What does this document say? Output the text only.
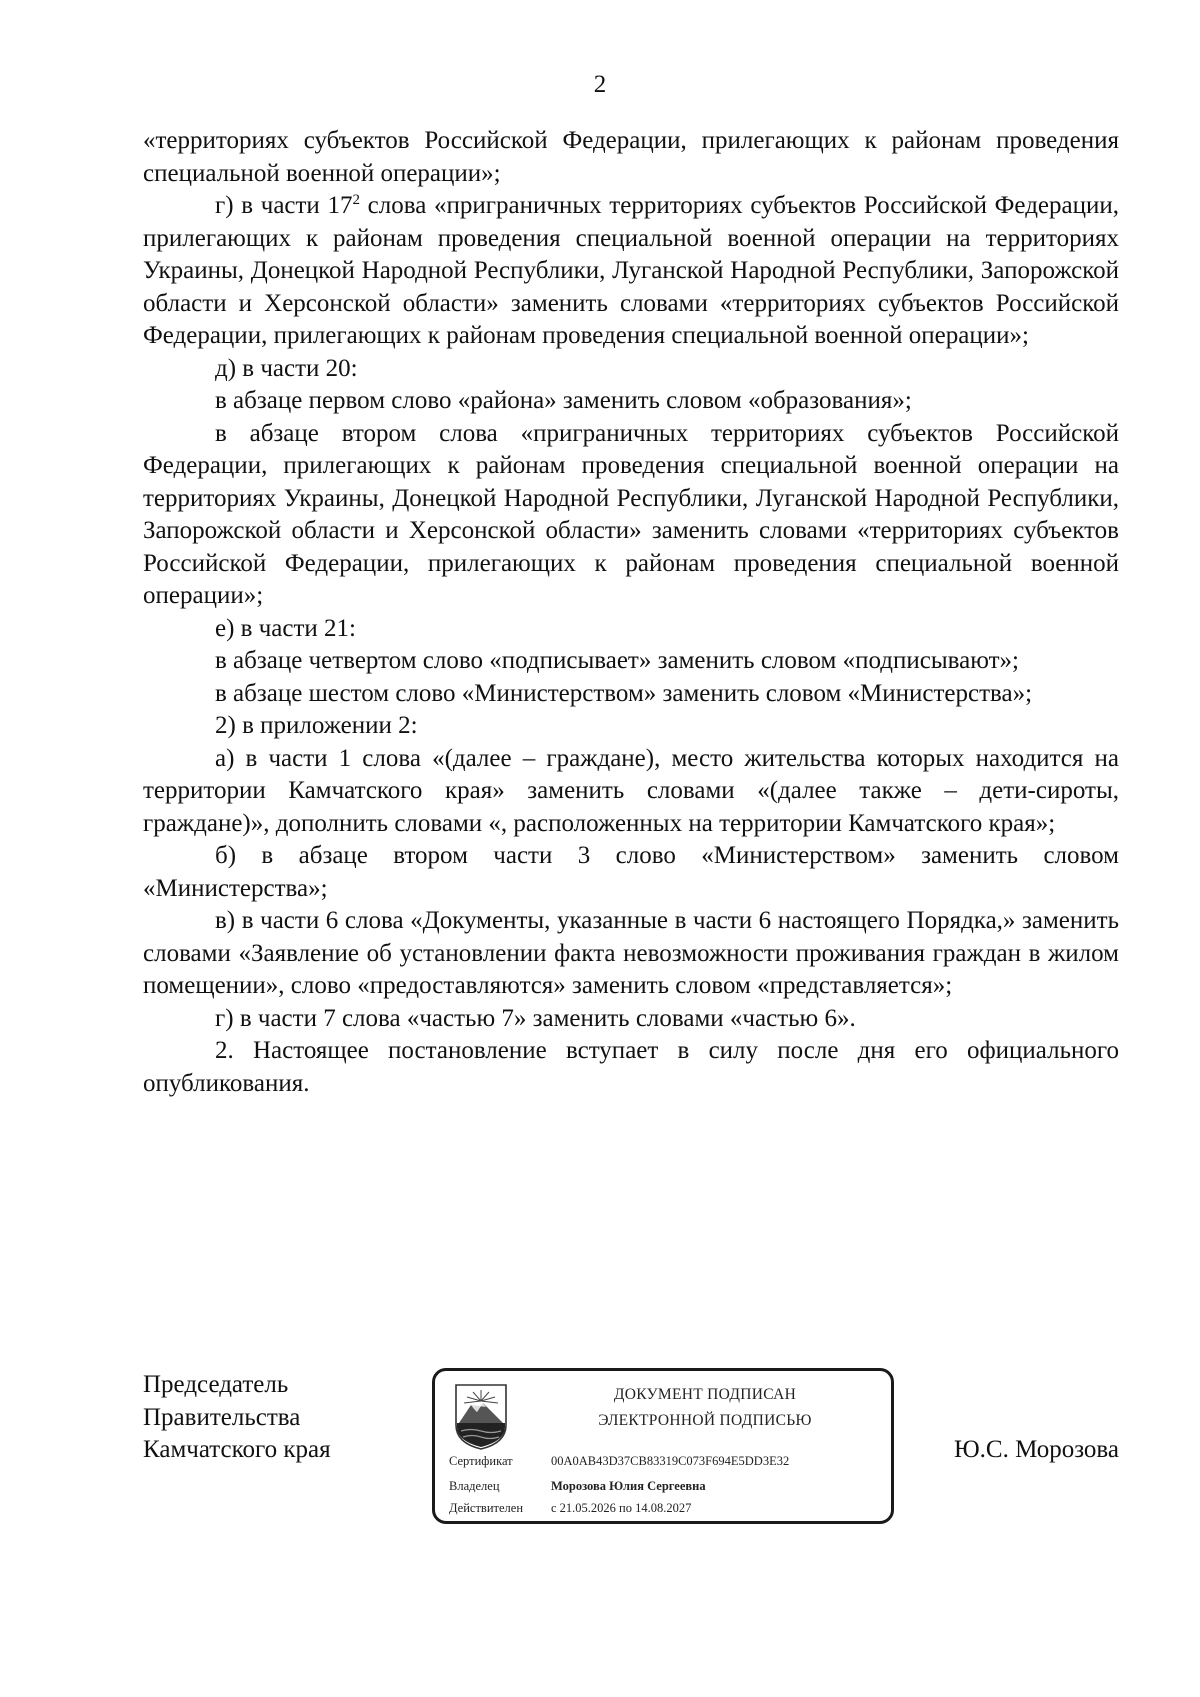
2

«территориях субъектов Российской Федерации, прилегающих к районам проведения специальной военной операции»;

г) в части $17^2$ слова «приграничных территориях субъектов Российской Федерации, прилегающих к районам проведения специальной военной операции на территориях Украины, Донецкой Народной Республики, Луганской Народной Республики, Запорожской области и Херсонской области» заменить словами «территориях субъектов Российской Федерации, прилегающих к районам проведения специальной военной операции»;

д) в части 20:

в абзаце первом слово «района» заменить словом «образования»;

в абзаце втором слова «приграничных территориях субъектов Российской Федерации, прилегающих к районам проведения специальной военной операции на территориях Украины, Донецкой Народной Республики, Луганской Народной Республики, Запорожской области и Херсонской области» заменить словами «территориях субъектов Российской Федерации, прилегающих к районам проведения специальной военной операции»;

е) в части 21:

в абзаце четвертом слово «подписывает» заменить словом «подписывают»;

в абзаце шестом слово «Министерством» заменить словом «Министерства»;

2) в приложении 2:

а) в части 1 слова «(далее – граждане), место жительства которых находится на территории Камчатского края» заменить словами «(далее также – дети-сироты, граждане)», дополнить словами «, расположенных на территории Камчатского края»;

б) в абзаце втором части 3 слово «Министерством» заменить словом «Министерства»;

в) в части 6 слова «Документы, указанные в части 6 настоящего Порядка,» заменить словами «Заявление об установлении факта невозможности проживания граждан в жилом помещении», слово «предоставляются» заменить словом «представляется»;

г) в части 7 слова «частью 7» заменить словами «частью 6».

2. Настоящее постановление вступает в силу после дня его официального опубликования.

Председатель
Правительства
Камчатского края
ДОКУМЕНТ ПОДПИСАН
ЭЛЕКТРОННОЙ ПОДПИСЬЮ
Сертификат	00A0AB43D37CB83319C073F694E5DD3E32
Владелец	Морозова Юлия Сергеевна
Действителен с 21.05.2026 по 14.08.2027
Ю.С. Морозова
